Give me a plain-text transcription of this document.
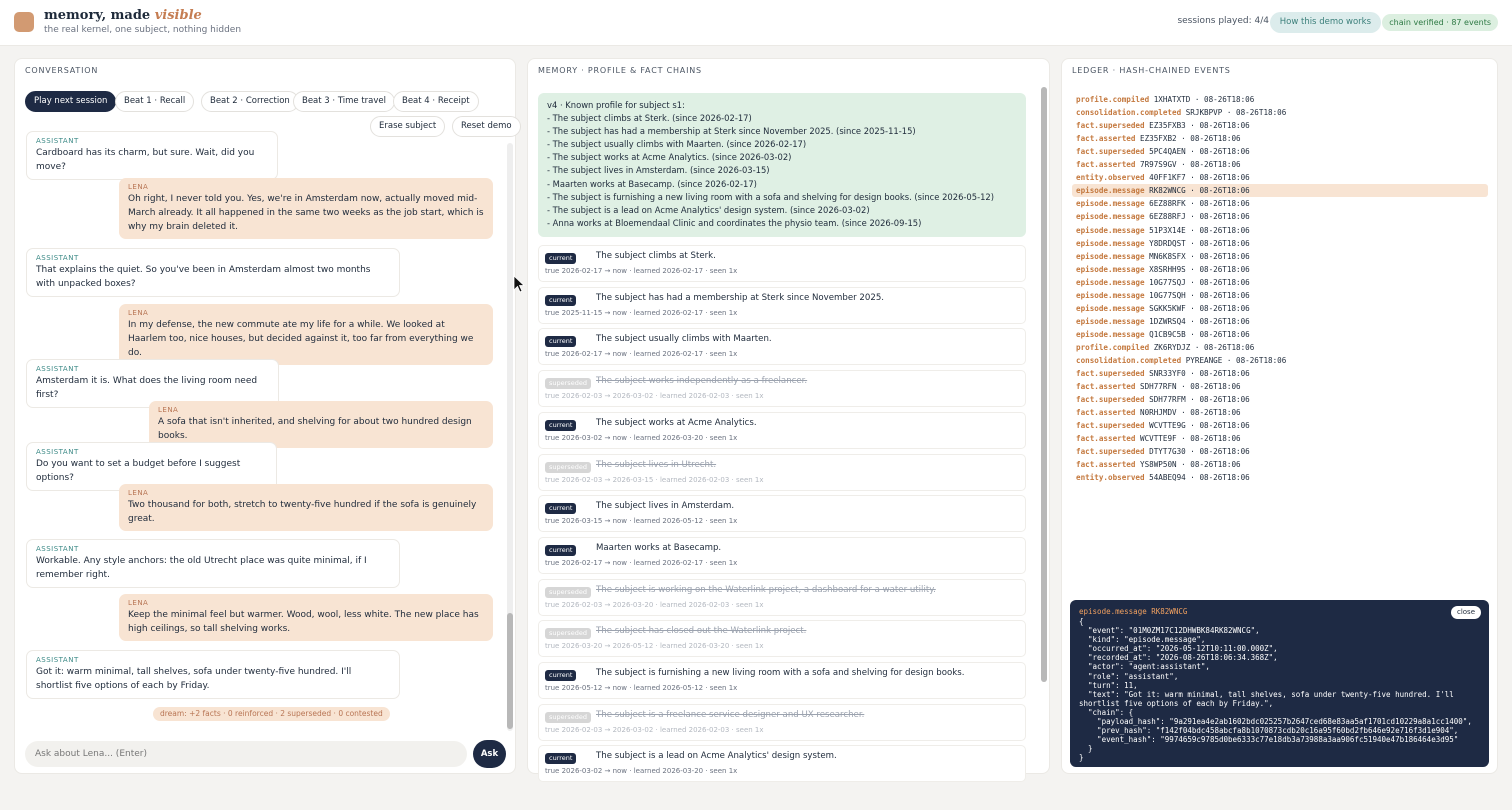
memory, made visible
the real kernel, one subject, nothing hidden
sessions played: 4/4	How this demo works	chain verified · 87 events
CONVERSATION
Play next session	Beat 1 · Recall	Beat 2 · Correction	Beat 3 · Time travel	Beat 4 · Receipt
Erase subject	Reset demo
ASSISTANT
Cardboard has its charm, but sure. Wait, did you move?
LENA
Oh right, I never told you. Yes, we're in Amsterdam now, actually moved mid-March already. It all happened in the same two weeks as the job start, which is why my brain deleted it.
ASSISTANT
That explains the quiet. So you've been in Amsterdam almost two months with unpacked boxes?
LENA
In my defense, the new commute ate my life for a while. We looked at Haarlem too, nice houses, but decided against it, too far from everything we do.
ASSISTANT
Amsterdam it is. What does the living room need first?
LENA
A sofa that isn't inherited, and shelving for about two hundred design books.
ASSISTANT
Do you want to set a budget before I suggest options?
LENA
Two thousand for both, stretch to twenty-five hundred if the sofa is genuinely great.
ASSISTANT
Workable. Any style anchors: the old Utrecht place was quite minimal, if I remember right.
LENA
Keep the minimal feel but warmer. Wood, wool, less white. The new place has high ceilings, so tall shelving works.
ASSISTANT
Got it: warm minimal, tall shelves, sofa under twenty-five hundred. I'll shortlist five options of each by Friday.
dream: +2 facts · 0 reinforced · 2 superseded · 0 contested
Ask about Lena... (Enter)
Ask
MEMORY · PROFILE & FACT CHAINS
v4 · Known profile for subject s1:
- The subject climbs at Sterk. (since 2026-02-17)
- The subject has had a membership at Sterk since November 2025. (since 2025-11-15)
- The subject usually climbs with Maarten. (since 2026-02-17)
- The subject works at Acme Analytics. (since 2026-03-02)
- The subject lives in Amsterdam. (since 2026-03-15)
- Maarten works at Basecamp. (since 2026-02-17)
- The subject is furnishing a new living room with a sofa and shelving for design books. (since 2026-05-12)
- The subject is a lead on Acme Analytics' design system. (since 2026-03-02)
- Anna works at Bloemendaal Clinic and coordinates the physio team. (since 2026-09-15)
current	The subject climbs at Sterk.
true 2026-02-17 → now · learned 2026-02-17 · seen 1x
current	The subject has had a membership at Sterk since November 2025.
true 2025-11-15 → now · learned 2026-02-17 · seen 1x
current	The subject usually climbs with Maarten.
true 2026-02-17 → now · learned 2026-02-17 · seen 1x
superseded	The subject works independently as a freelancer.
true 2026-02-03 → 2026-03-02 · learned 2026-02-03 · seen 1x
current	The subject works at Acme Analytics.
true 2026-03-02 → now · learned 2026-03-20 · seen 1x
superseded	The subject lives in Utrecht.
true 2026-02-03 → 2026-03-15 · learned 2026-02-03 · seen 1x
current	The subject lives in Amsterdam.
true 2026-03-15 → now · learned 2026-05-12 · seen 1x
current	Maarten works at Basecamp.
true 2026-02-17 → now · learned 2026-02-17 · seen 1x
superseded	The subject is working on the Waterlink project, a dashboard for a water utility.
true 2026-02-03 → 2026-03-20 · learned 2026-02-03 · seen 1x
superseded	The subject has closed out the Waterlink project.
true 2026-03-20 → 2026-05-12 · learned 2026-03-20 · seen 1x
current	The subject is furnishing a new living room with a sofa and shelving for design books.
true 2026-05-12 → now · learned 2026-05-12 · seen 1x
superseded	The subject is a freelance service designer and UX researcher.
true 2026-02-03 → 2026-03-02 · learned 2026-02-03 · seen 1x
current	The subject is a lead on Acme Analytics' design system.
true 2026-03-02 → now · learned 2026-03-20 · seen 1x
LEDGER · HASH-CHAINED EVENTS
profile.compiled 1XHATXTD · 08-26T18:06
consolidation.completed SRJKBPVP · 08-26T18:06
fact.superseded EZ35FXB3 · 08-26T18:06
fact.asserted EZ35FXB2 · 08-26T18:06
fact.superseded 5PC4QAEN · 08-26T18:06
fact.asserted 7R97S9GV · 08-26T18:06
entity.observed 40FF1KF7 · 08-26T18:06
episode.message RK82WNCG · 08-26T18:06
episode.message 6EZ88RFK · 08-26T18:06
episode.message 6EZ88RFJ · 08-26T18:06
episode.message 51P3X14E · 08-26T18:06
episode.message Y8DRDQST · 08-26T18:06
episode.message MN6K8SFX · 08-26T18:06
episode.message X8SRHH9S · 08-26T18:06
episode.message 10G77SQJ · 08-26T18:06
episode.message 10G77SQH · 08-26T18:06
episode.message SGKK5KWF · 08-26T18:06
episode.message 1DZWRSQ4 · 08-26T18:06
episode.message Q1CB9C5B · 08-26T18:06
profile.compiled ZK6RYDJZ · 08-26T18:06
consolidation.completed PYREANGE · 08-26T18:06
fact.superseded SNR33YF0 · 08-26T18:06
fact.asserted SDH77RFN · 08-26T18:06
fact.superseded SDH77RFM · 08-26T18:06
fact.asserted N0RHJMDV · 08-26T18:06
fact.superseded WCVTTE9G · 08-26T18:06
fact.asserted WCVTTE9F · 08-26T18:06
fact.superseded DTYT7G30 · 08-26T18:06
fact.asserted YS8WP50N · 08-26T18:06
entity.observed 54ABEQ94 · 08-26T18:06
episode.message RK82WNCG	close
{
"event": "01M0ZM17C12DHWBK84RK82WNCG",
"kind": "episode.message",
"occurred_at": "2026-05-12T10:11:00.000Z",
"recorded_at": "2026-08-26T18:06:34.368Z",
"actor": "agent:assistant",
"role": "assistant",
"turn": 11,
"text": "Got it: warm minimal, tall shelves, sofa under twenty-five hundred. I'll
shortlist five options of each by Friday.",
"chain": {
"payload_hash": "9a291ea4e2ab1602bdc025257b2647ced68e83aa5af1701cd10229a8a1cc1400",
"prev_hash": "f142f04bdc458abcfa8b1070873cdb20c16a95f60bd2fb646e92e716f3d1e904",
"event_hash": "9974659c9785d0be6333c77e18db3a73988a3aa906fc51940e47b186464e3d95"
}
}
